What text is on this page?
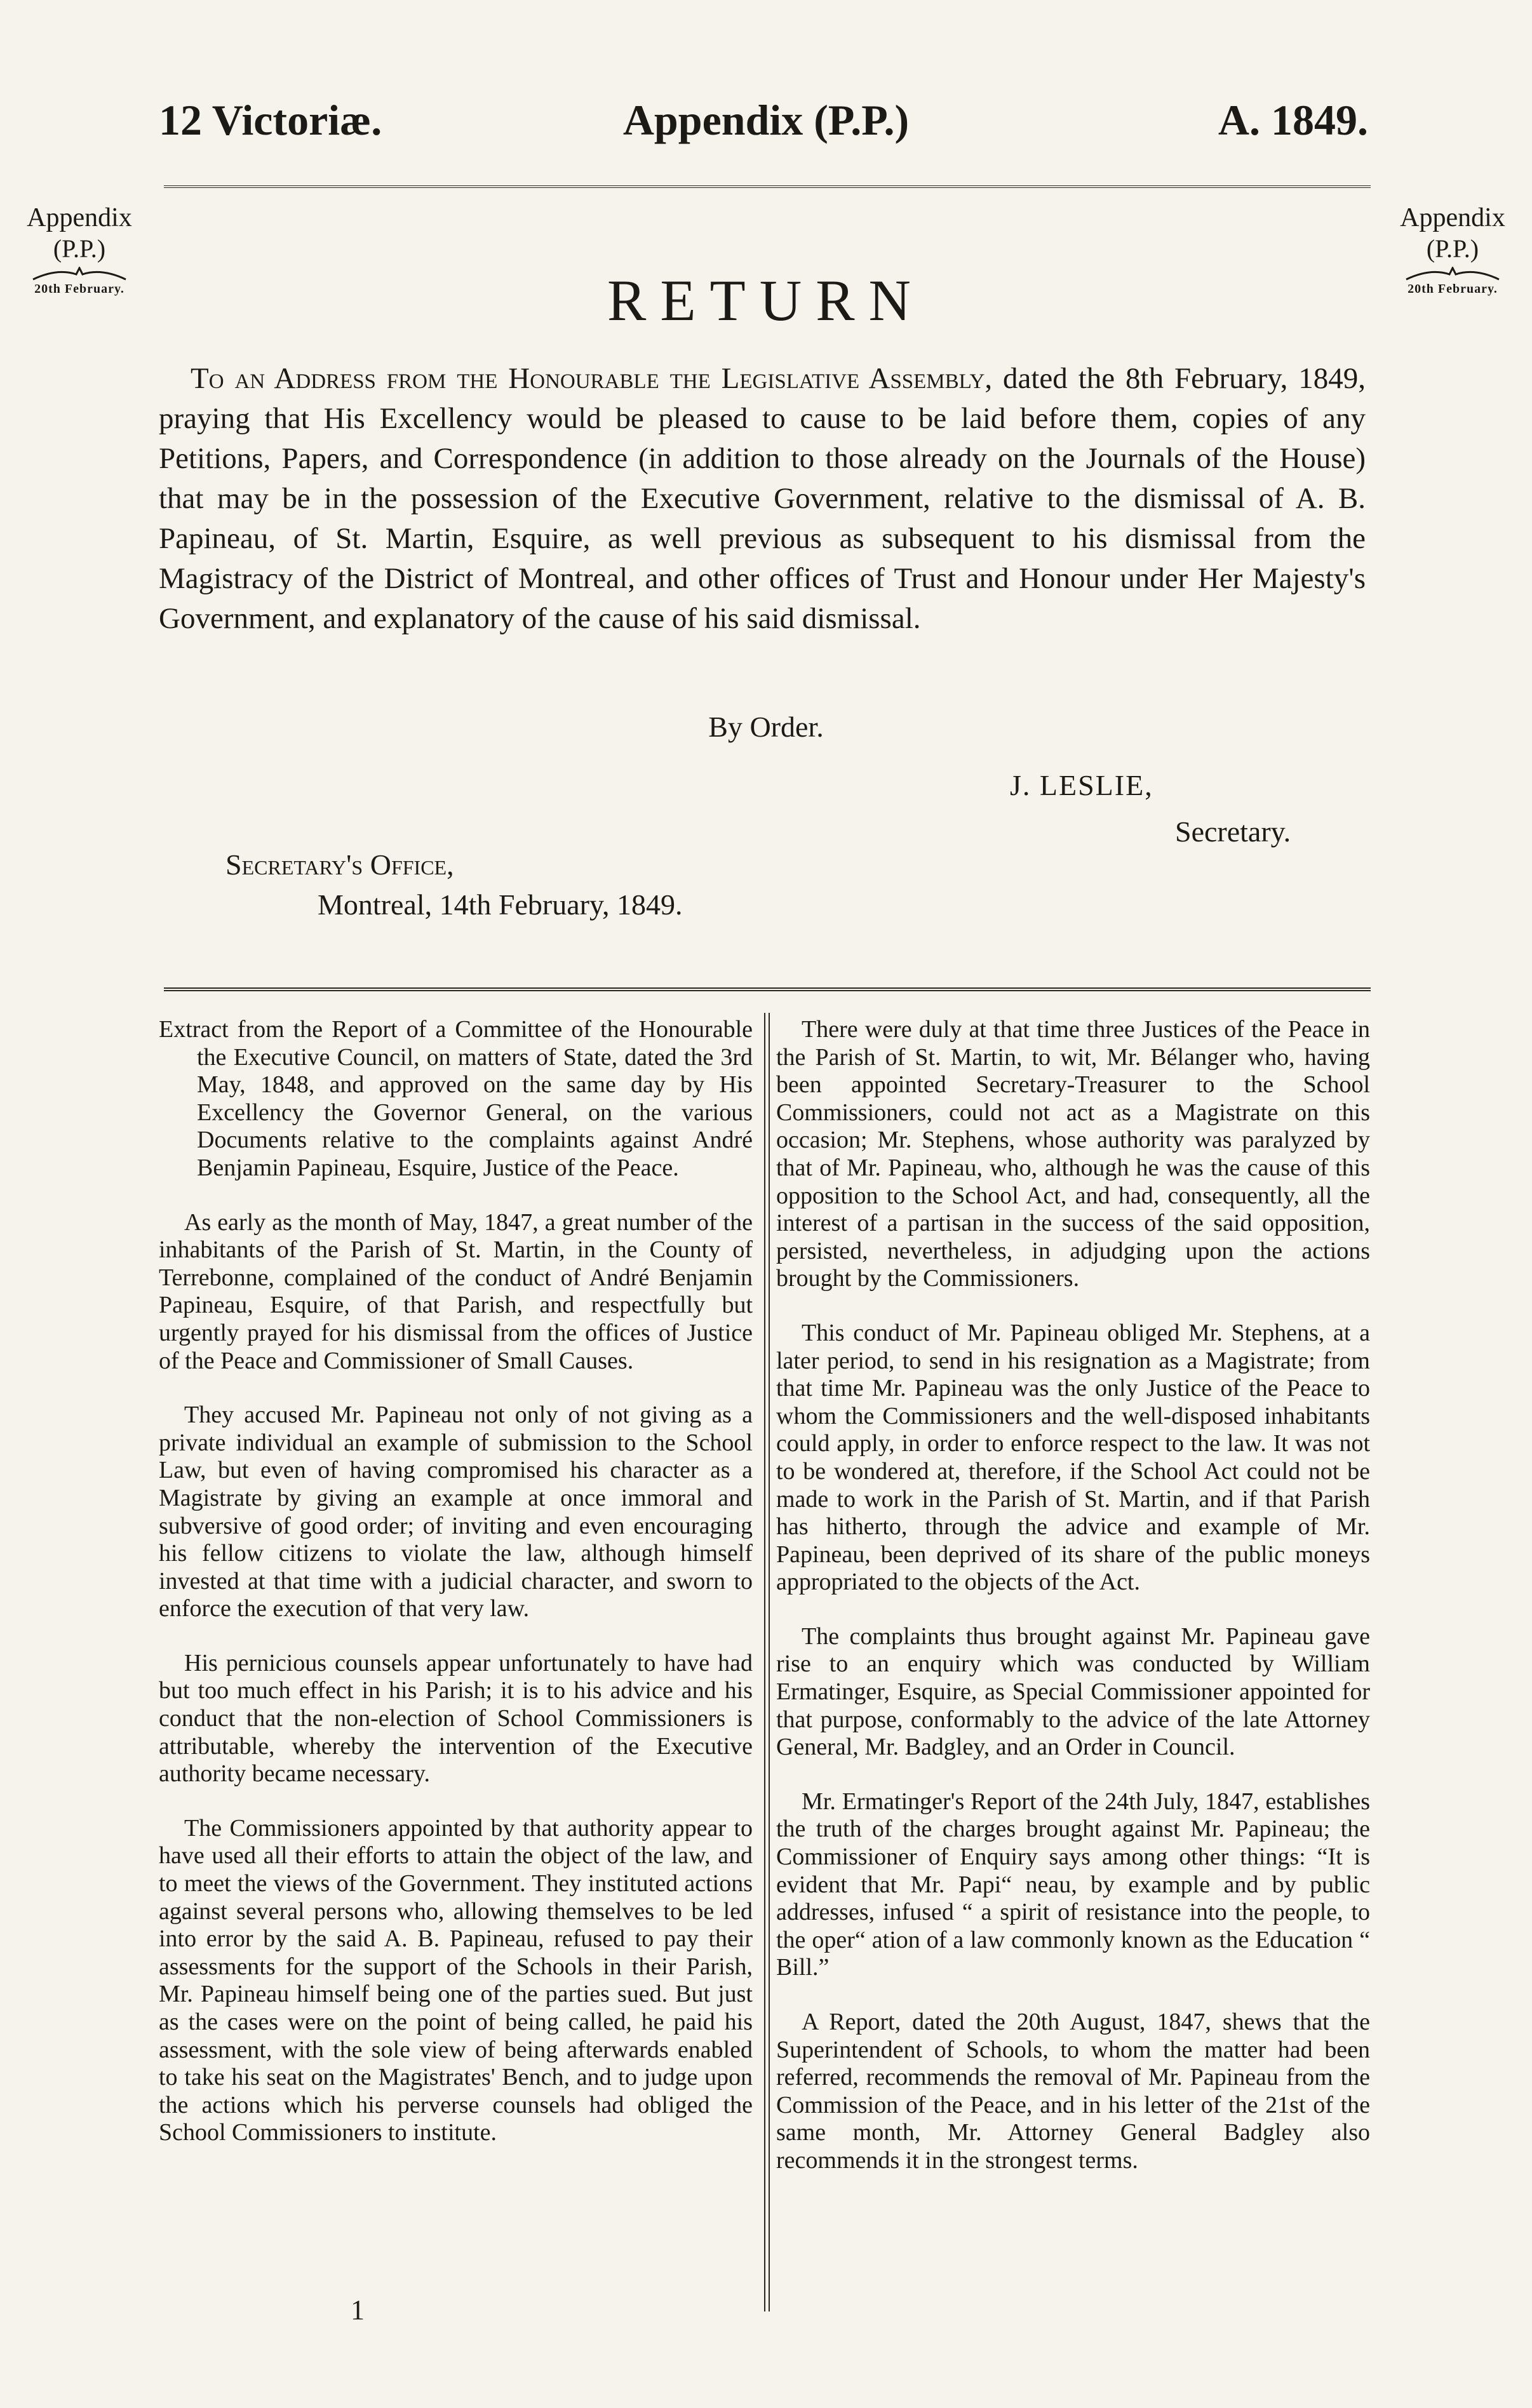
12 Victoriæ.	Appendix (P.P.)	A. 1849.
Appendix
(P.P.)
20th February.
Appendix
(P.P.)
20th February.
RETURN
To an Address from the Honourable the Legislative Assembly, dated the 8th February, 1849, praying that His Excellency would be pleased to cause to be laid before them, copies of any Petitions, Papers, and Correspondence (in addition to those already on the Journals of the House) that may be in the possession of the Executive Government, relative to the dismissal of A. B. Papineau, of St. Martin, Esquire, as well previous as subsequent to his dismissal from the Magistracy of the District of Montreal, and other offices of Trust and Honour under Her Majesty's Government, and explanatory of the cause of his said dismissal.
By Order.
J. LESLIE,
Secretary.
Secretary's Office,
Montreal, 14th February, 1849.

Extract from the Report of a Committee of the Honourable the Executive Council, on matters of State, dated the 3rd May, 1848, and approved on the same day by His Excellency the Governor General, on the various Documents relative to the complaints against André Benjamin Papineau, Esquire, Justice of the Peace.

As early as the month of May, 1847, a great number of the inhabitants of the Parish of St. Martin, in the County of Terrebonne, complained of the conduct of André Benjamin Papineau, Esquire, of that Parish, and respectfully but urgently prayed for his dismissal from the offices of Justice of the Peace and Commissioner of Small Causes.

They accused Mr. Papineau not only of not giving as a private individual an example of submission to the School Law, but even of having compromised his character as a Magistrate by giving an example at once immoral and subversive of good order; of inviting and even encouraging his fellow citizens to violate the law, although himself invested at that time with a judicial character, and sworn to enforce the execution of that very law.

His pernicious counsels appear unfortunately to have had but too much effect in his Parish; it is to his advice and his conduct that the non-election of School Commissioners is attributable, whereby the intervention of the Executive authority became necessary.

The Commissioners appointed by that authority appear to have used all their efforts to attain the object of the law, and to meet the views of the Government. They instituted actions against several persons who, allowing themselves to be led into error by the said A. B. Papineau, refused to pay their assessments for the support of the Schools in their Parish, Mr. Papineau himself being one of the parties sued. But just as the cases were on the point of being called, he paid his assessment, with the sole view of being afterwards enabled to take his seat on the Magistrates' Bench, and to judge upon the actions which his perverse counsels had obliged the School Commissioners to institute.

There were duly at that time three Justices of the Peace in the Parish of St. Martin, to wit, Mr. Bélanger who, having been appointed Secretary-Treasurer to the School Commissioners, could not act as a Magistrate on this occasion; Mr. Stephens, whose authority was paralyzed by that of Mr. Papineau, who, although he was the cause of this opposition to the School Act, and had, consequently, all the interest of a partisan in the success of the said opposition, persisted, nevertheless, in adjudging upon the actions brought by the Commissioners.

This conduct of Mr. Papineau obliged Mr. Stephens, at a later period, to send in his resignation as a Magistrate; from that time Mr. Papineau was the only Justice of the Peace to whom the Commissioners and the well-disposed inhabitants could apply, in order to enforce respect to the law. It was not to be wondered at, therefore, if the School Act could not be made to work in the Parish of St. Martin, and if that Parish has hitherto, through the advice and example of Mr. Papineau, been deprived of its share of the public moneys appropriated to the objects of the Act.

The complaints thus brought against Mr. Papineau gave rise to an enquiry which was conducted by William Ermatinger, Esquire, as Special Commissioner appointed for that purpose, conformably to the advice of the late Attorney General, Mr. Badgley, and an Order in Council.

Mr. Ermatinger's Report of the 24th July, 1847, establishes the truth of the charges brought against Mr. Papineau; the Commissioner of Enquiry says among other things: “It is evident that Mr. Papi“ neau, by example and by public addresses, infused “ a spirit of resistance into the people, to the oper“ ation of a law commonly known as the Education “ Bill.”

A Report, dated the 20th August, 1847, shews that the Superintendent of Schools, to whom the matter had been referred, recommends the removal of Mr. Papineau from the Commission of the Peace, and in his letter of the 21st of the same month, Mr. Attorney General Badgley also recommends it in the strongest terms.

1
